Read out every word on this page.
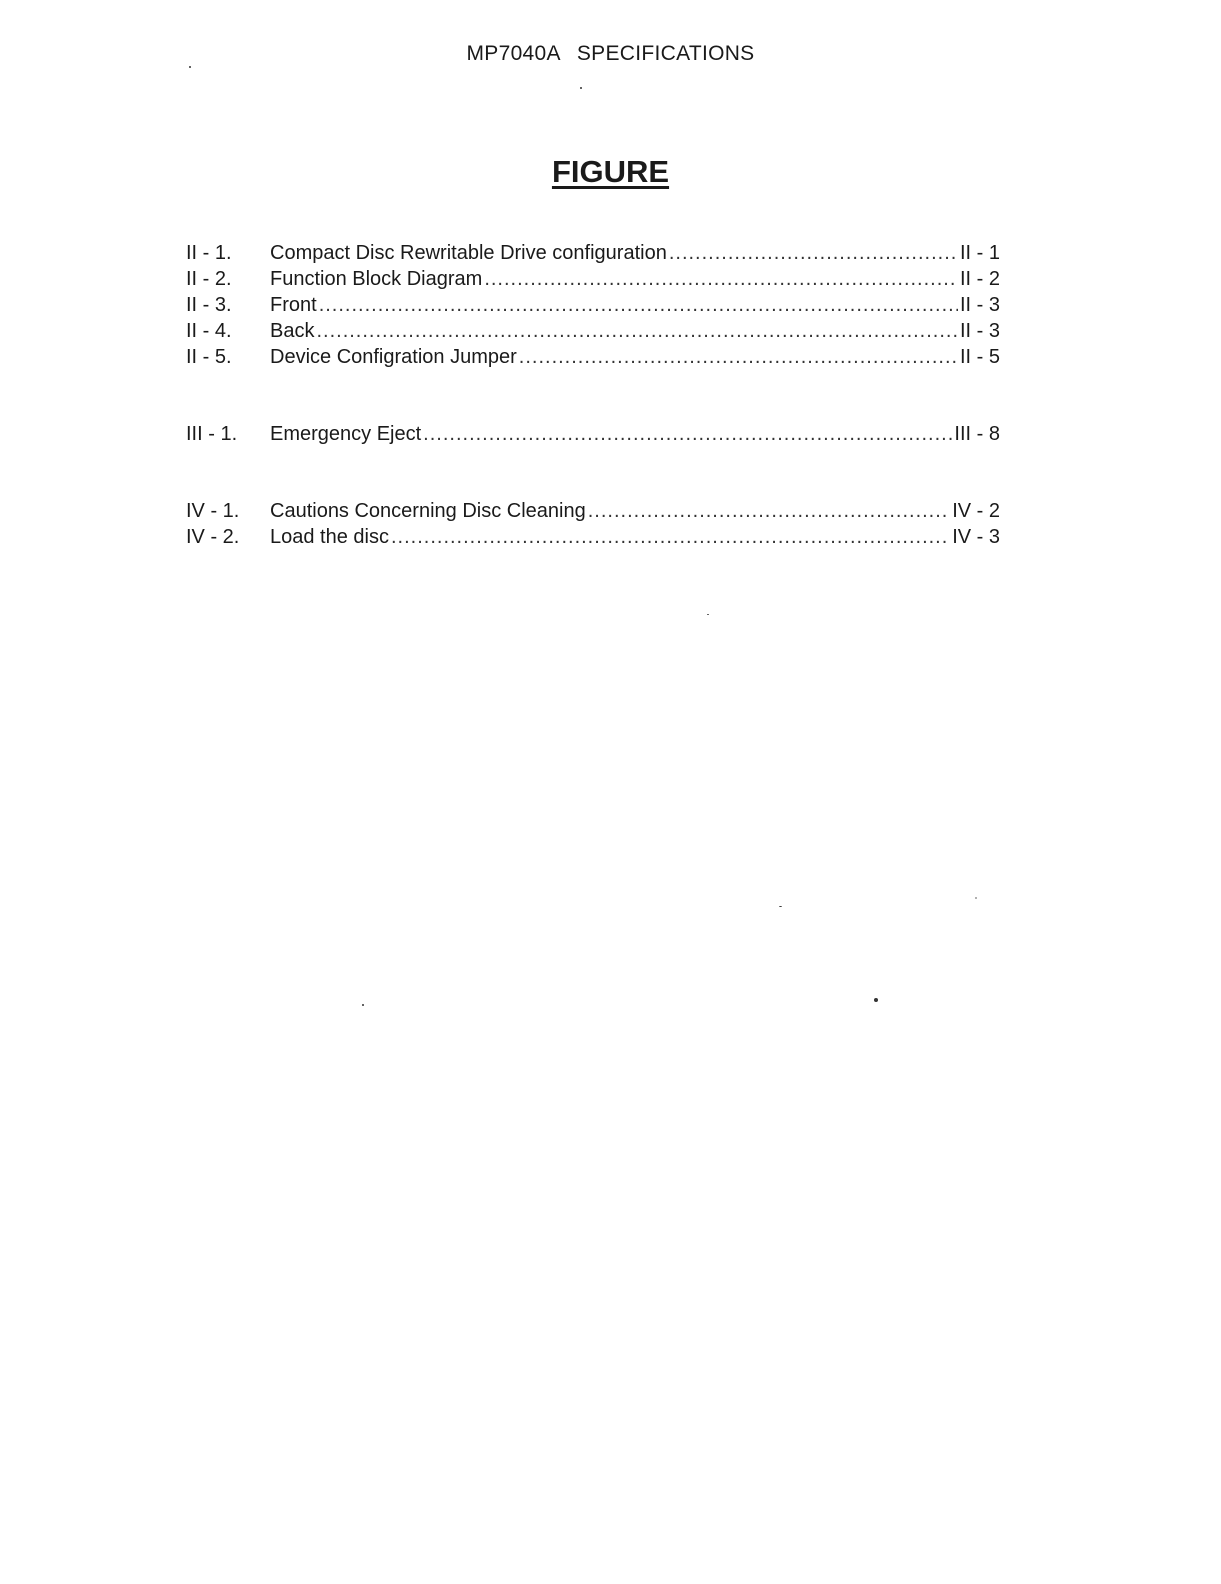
MP7040A SPECIFICATIONS
FIGURE
II - 1.	Compact Disc Rewritable Drive configuration .....	II - 1
II - 2.	Function Block Diagram .....	II - 2
II - 3.	Front .....	II - 3
II - 4.	Back .....	II - 3
II - 5.	Device Configration Jumper .....	II - 5
III - 1.	Emergency Eject .....	III - 8
IV - 1.	Cautions Concerning Disc Cleaning .....	IV - 2
IV - 2.	Load the disc .....	IV - 3
